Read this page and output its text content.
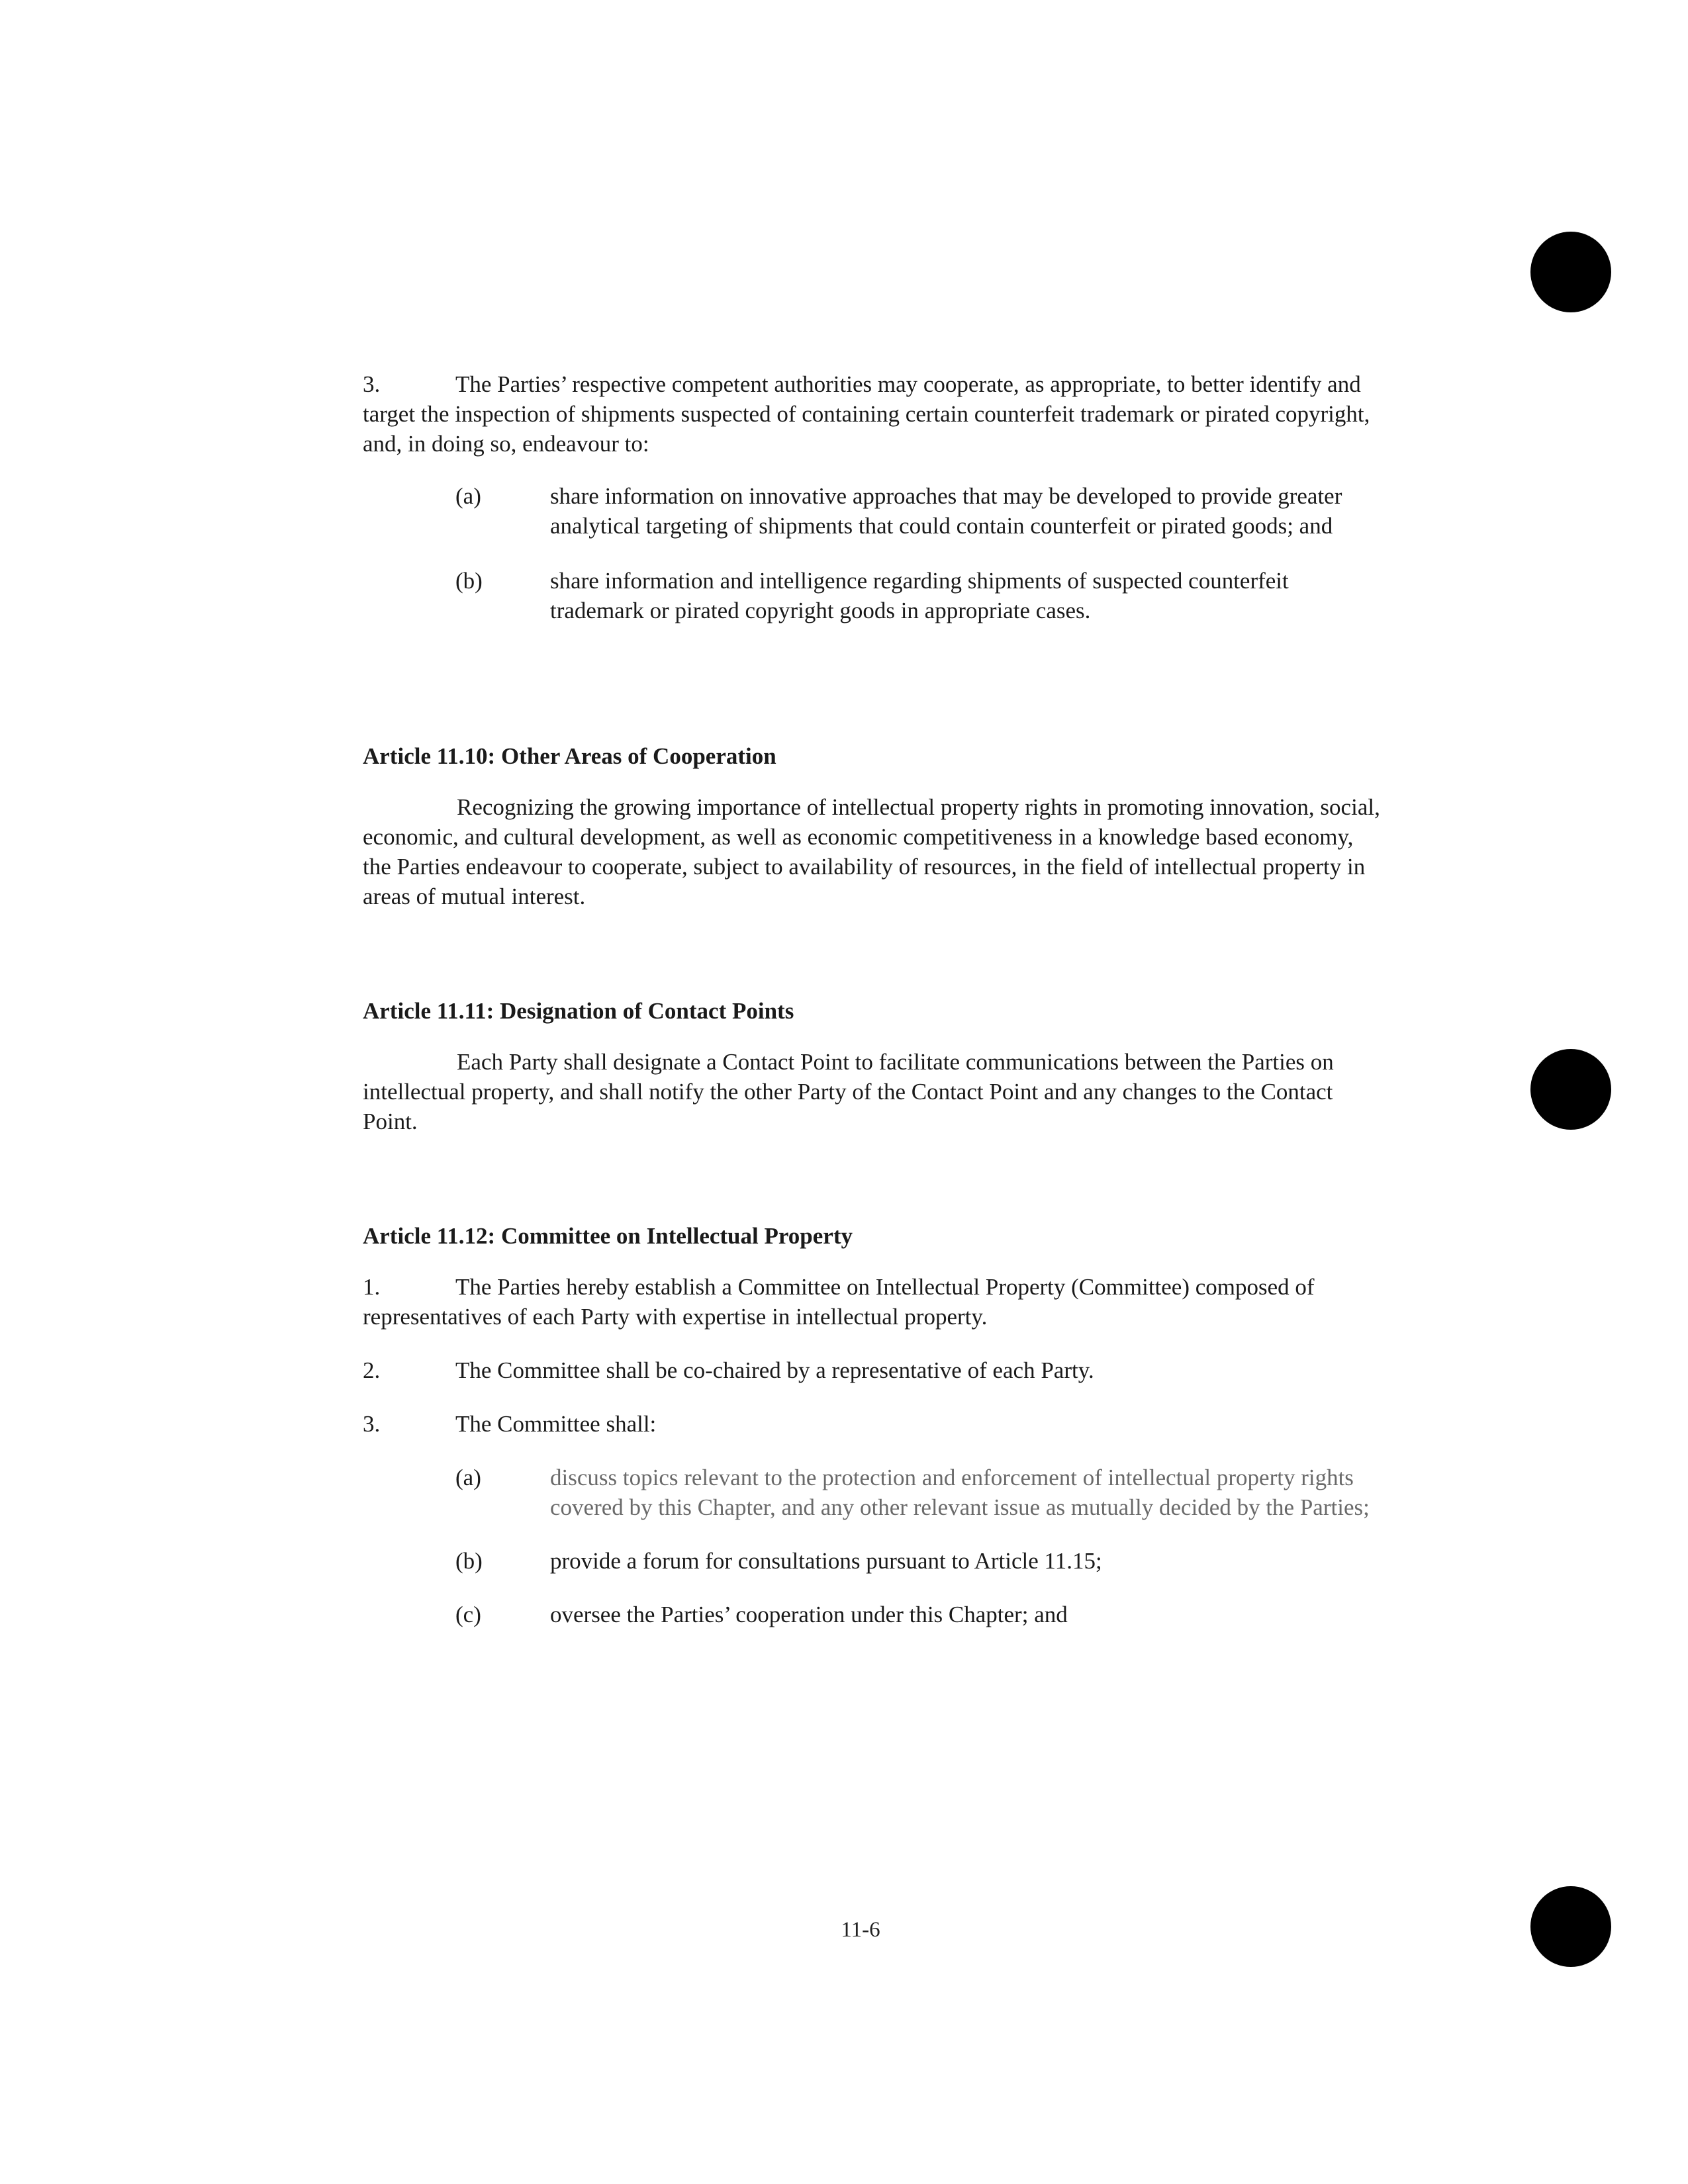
3.	The Parties’ respective competent authorities may cooperate, as appropriate, to better identify and target the inspection of shipments suspected of containing certain counterfeit trademark or pirated copyright, and, in doing so, endeavour to:

(a)	share information on innovative approaches that may be developed to provide greater analytical targeting of shipments that could contain counterfeit or pirated goods; and
(b)	share information and intelligence regarding shipments of suspected counterfeit trademark or pirated copyright goods in appropriate cases.

Article 11.10: Other Areas of Cooperation

Recognizing the growing importance of intellectual property rights in promoting innovation, social, economic, and cultural development, as well as economic competitiveness in a knowledge based economy, the Parties endeavour to cooperate, subject to availability of resources, in the field of intellectual property in areas of mutual interest.

Article 11.11: Designation of Contact Points

Each Party shall designate a Contact Point to facilitate communications between the Parties on intellectual property, and shall notify the other Party of the Contact Point and any changes to the Contact Point.

Article 11.12: Committee on Intellectual Property

1.	The Parties hereby establish a Committee on Intellectual Property (Committee) composed of representatives of each Party with expertise in intellectual property.

2.	The Committee shall be co-chaired by a representative of each Party.

3.	The Committee shall:

(a)	discuss topics relevant to the protection and enforcement of intellectual property rights covered by this Chapter, and any other relevant issue as mutually decided by the Parties;
(b)	provide a forum for consultations pursuant to Article 11.15;
(c)	oversee the Parties’ cooperation under this Chapter; and
11-6
